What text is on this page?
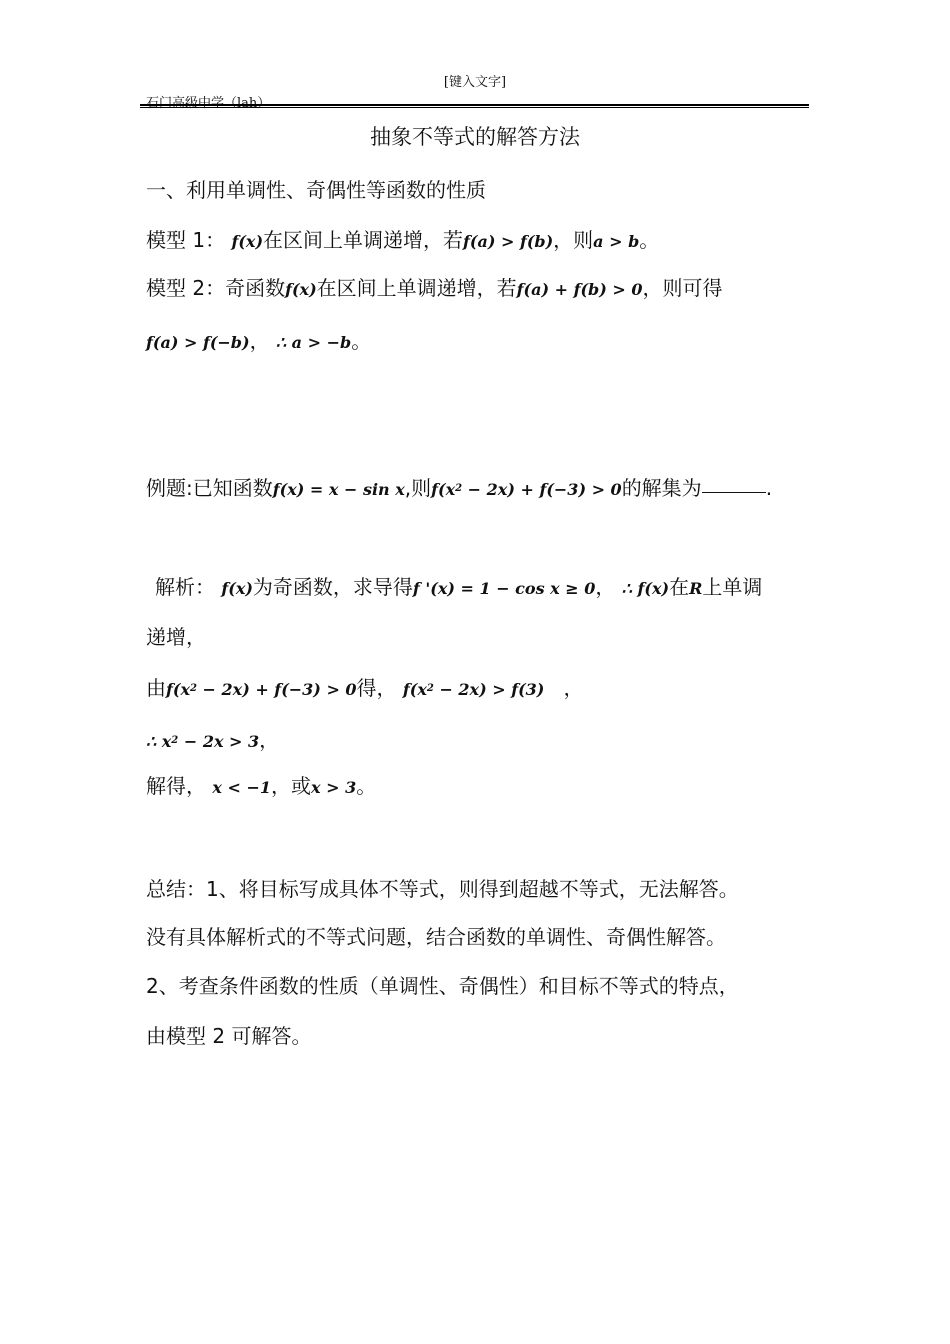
[键入文字]
石门高级中学（lah）
抽象不等式的解答方法
一、利用单调性、奇偶性等函数的性质
模型 1： f(x)在区间上单调递增，若f(a) > f(b)，则a > b。
模型 2：奇函数f(x)在区间上单调递增，若f(a) + f(b) > 0，则可得
f(a) > f(−b)， ∴ a > −b。
例题:已知函数f(x) = x − sin x,则$f(x^2 - 2x) + f(-3) > 0$的解集为	.
解析： f(x)为奇函数，求导得f '(x) = 1 − cos x ≥ 0， ∴ f(x)在R上单调
递增，
由$f(x^2 - 2x) + f(-3) > 0$得， $f(x^2 - 2x) > f(3)$ ，
∴ $x^2 - 2x > 3$，
解得， x < −1，或x > 3。
总结：1、将目标写成具体不等式，则得到超越不等式，无法解答。
没有具体解析式的不等式问题，结合函数的单调性、奇偶性解答。
2、考查条件函数的性质（单调性、奇偶性）和目标不等式的特点，
由模型 2 可解答。
